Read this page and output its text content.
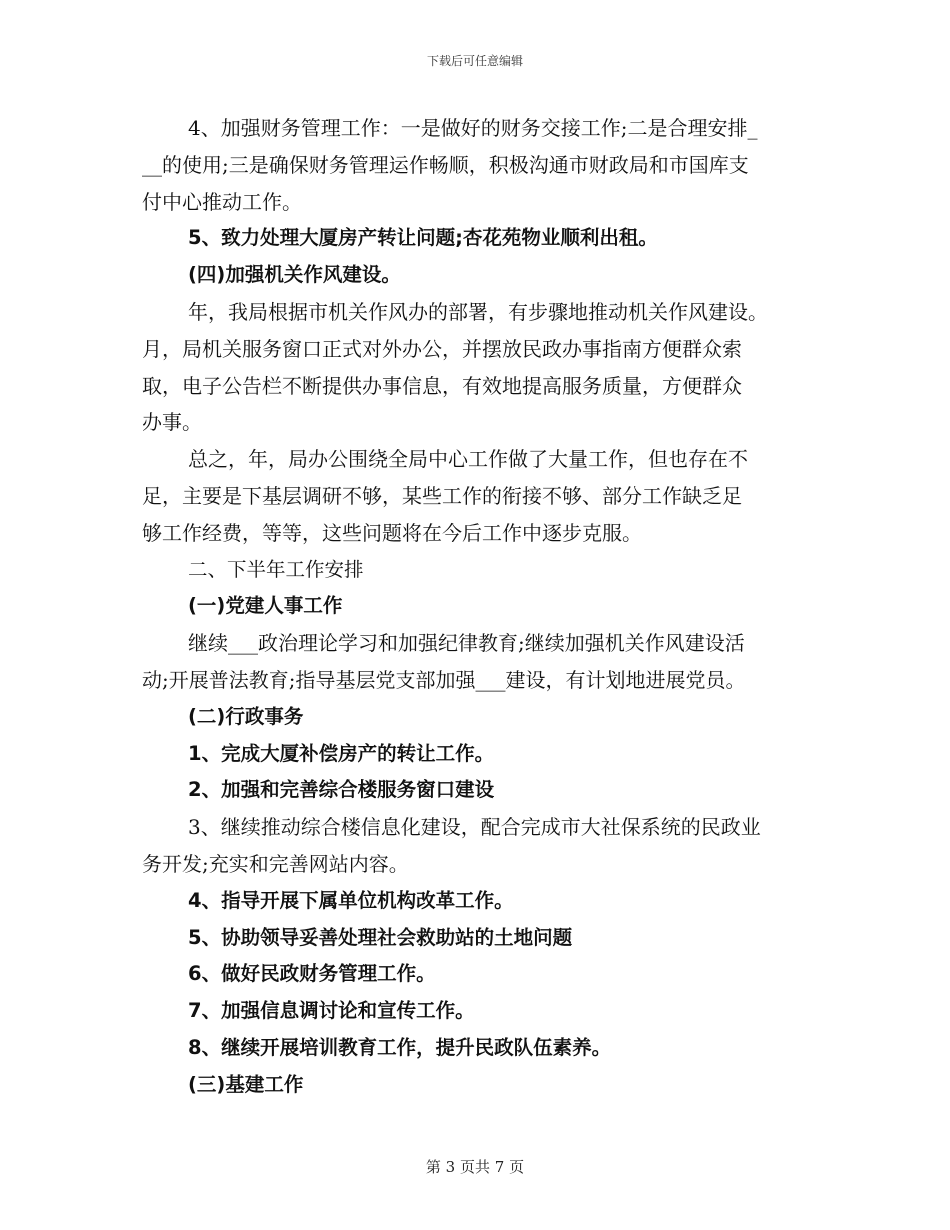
下载后可任意编辑
4、加强财务管理工作：一是做好的财务交接工作;二是合理安排_
__的使用;三是确保财务管理运作畅顺，积极沟通市财政局和市国库支
付中心推动工作。
5、致力处理大厦房产转让问题;杏花苑物业顺利出租。
(四)加强机关作风建设。
年，我局根据市机关作风办的部署，有步骤地推动机关作风建设。
月，局机关服务窗口正式对外办公，并摆放民政办事指南方便群众索
取，电子公告栏不断提供办事信息，有效地提高服务质量，方便群众
办事。
总之，年，局办公围绕全局中心工作做了大量工作，但也存在不
足，主要是下基层调研不够，某些工作的衔接不够、部分工作缺乏足
够工作经费，等等，这些问题将在今后工作中逐步克服。
二、下半年工作安排
(一)党建人事工作
继续___政治理论学习和加强纪律教育;继续加强机关作风建设活
动;开展普法教育;指导基层党支部加强___建设，有计划地进展党员。
(二)行政事务
1、完成大厦补偿房产的转让工作。
2、加强和完善综合楼服务窗口建设
3、继续推动综合楼信息化建设，配合完成市大社保系统的民政业
务开发;充实和完善网站内容。
4、指导开展下属单位机构改革工作。
5、协助领导妥善处理社会救助站的土地问题
6、做好民政财务管理工作。
7、加强信息调讨论和宣传工作。
8、继续开展培训教育工作，提升民政队伍素养。
(三)基建工作
第 3 页共 7 页
